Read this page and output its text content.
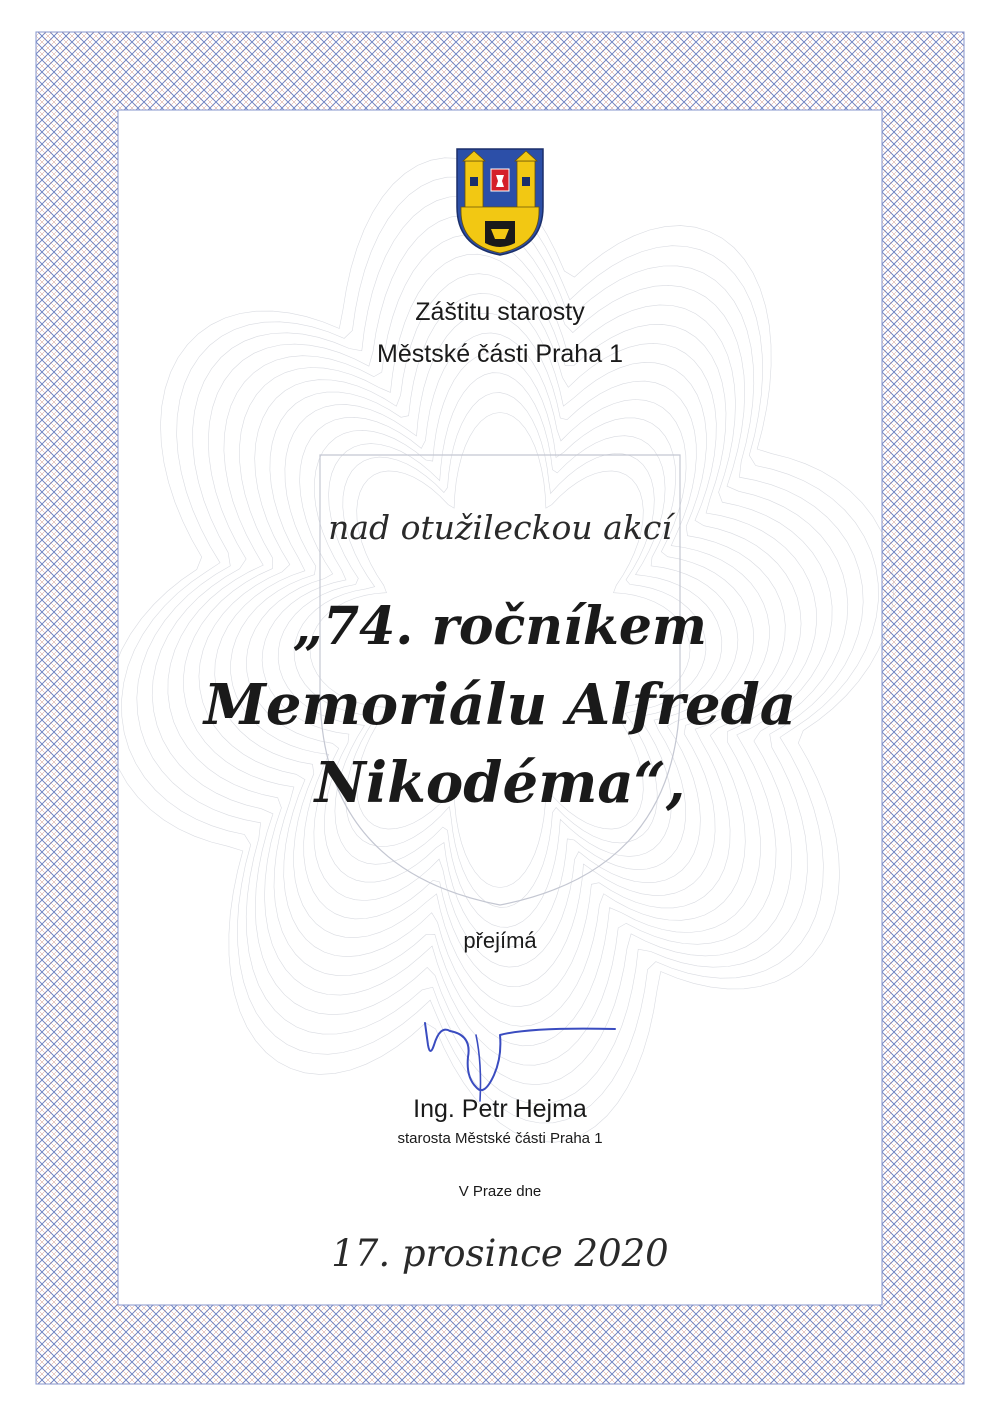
Záštitu starosty
Městské části Praha 1
nad otužileckou akcí
„74. ročníkem
Memoriálu Alfreda
Nikodéma“,
přejímá
Ing. Petr Hejma
starosta Městské části Praha 1
V Praze dne
17. prosince 2020
